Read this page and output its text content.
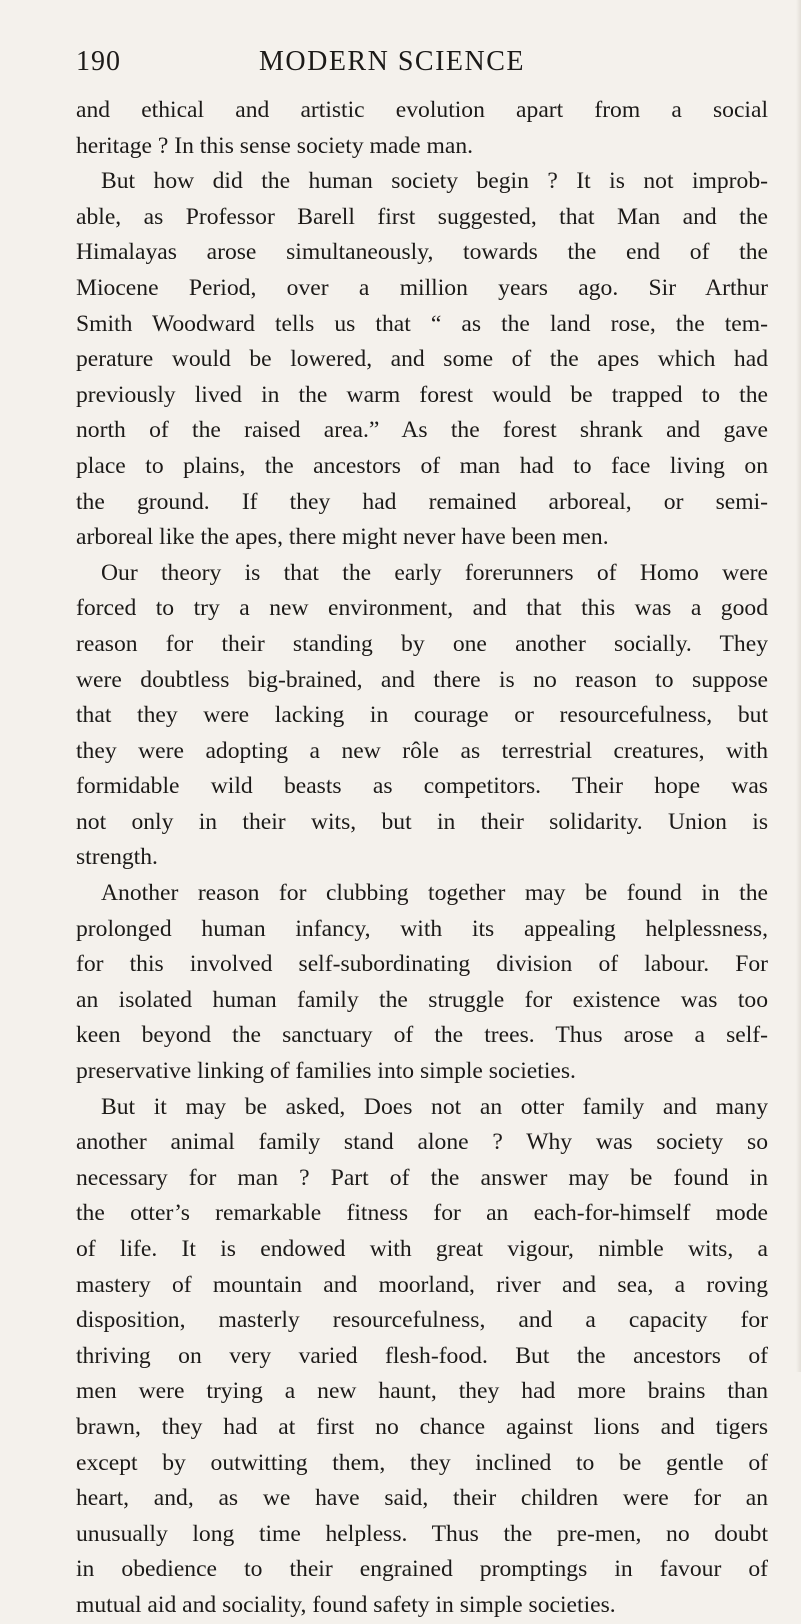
190	MODERN SCIENCE
and ethical and artistic evolution apart from a social
heritage ? In this sense society made man.
But how did the human society begin ? It is not improb-
able, as Professor Barell first suggested, that Man and the
Himalayas arose simultaneously, towards the end of the
Miocene Period, over a million years ago. Sir Arthur
Smith Woodward tells us that “ as the land rose, the tem-
perature would be lowered, and some of the apes which had
previously lived in the warm forest would be trapped to the
north of the raised area.” As the forest shrank and gave
place to plains, the ancestors of man had to face living on
the ground. If they had remained arboreal, or semi-
arboreal like the apes, there might never have been men.
Our theory is that the early forerunners of Homo were
forced to try a new environment, and that this was a good
reason for their standing by one another socially. They
were doubtless big-brained, and there is no reason to suppose
that they were lacking in courage or resourcefulness, but
they were adopting a new rôle as terrestrial creatures, with
formidable wild beasts as competitors. Their hope was
not only in their wits, but in their solidarity. Union is
strength.
Another reason for clubbing together may be found in the
prolonged human infancy, with its appealing helplessness,
for this involved self-subordinating division of labour. For
an isolated human family the struggle for existence was too
keen beyond the sanctuary of the trees. Thus arose a self-
preservative linking of families into simple societies.
But it may be asked, Does not an otter family and many
another animal family stand alone ? Why was society so
necessary for man ? Part of the answer may be found in
the otter’s remarkable fitness for an each-for-himself mode
of life. It is endowed with great vigour, nimble wits, a
mastery of mountain and moorland, river and sea, a roving
disposition, masterly resourcefulness, and a capacity for
thriving on very varied flesh-food. But the ancestors of
men were trying a new haunt, they had more brains than
brawn, they had at first no chance against lions and tigers
except by outwitting them, they inclined to be gentle of
heart, and, as we have said, their children were for an
unusually long time helpless. Thus the pre-men, no doubt
in obedience to their engrained promptings in favour of
mutual aid and sociality, found safety in simple societies.
